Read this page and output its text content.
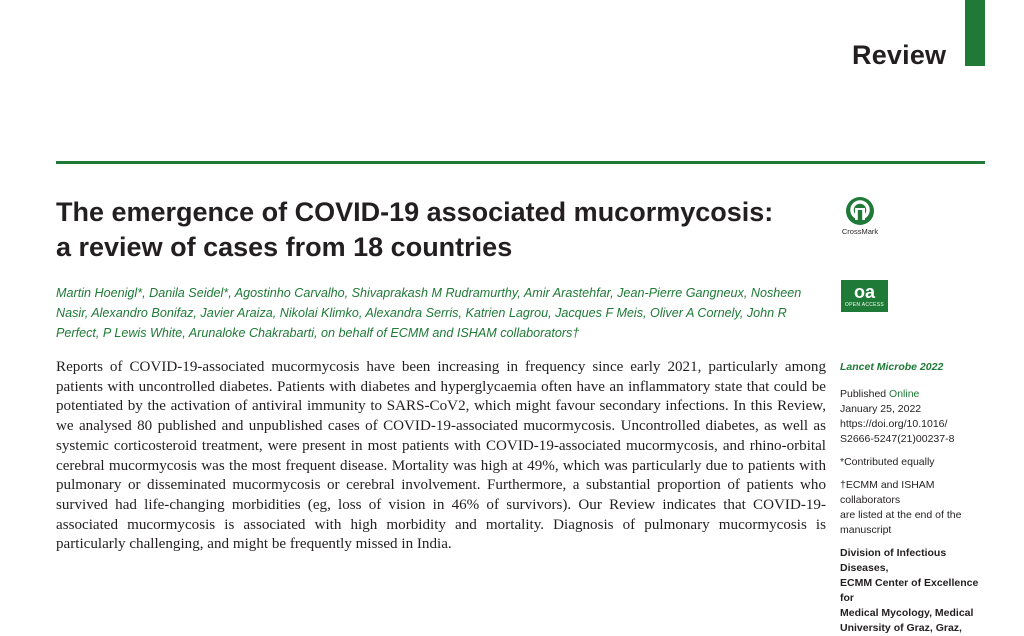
Review
The emergence of COVID-19 associated mucormycosis:
a review of cases from 18 countries

Martin Hoenigl*, Danila Seidel*, Agostinho Carvalho, Shivaprakash M Rudramurthy, Amir Arastehfar, Jean-Pierre Gangneux, Nosheen Nasir, Alexandro Bonifaz, Javier Araiza, Nikolai Klimko, Alexandra Serris, Katrien Lagrou, Jacques F Meis, Oliver A Cornely, John R Perfect, P Lewis White, Arunaloke Chakrabarti, on behalf of ECMM and ISHAM collaborators†

Reports of COVID-19-associated mucormycosis have been increasing in frequency since early 2021, particularly among patients with uncontrolled diabetes. Patients with diabetes and hyperglycaemia often have an inflammatory state that could be potentiated by the activation of antiviral immunity to SARS-CoV2, which might favour secondary infections. In this Review, we analysed 80 published and unpublished cases of COVID-19-associated mucormycosis. Uncontrolled diabetes, as well as systemic corticosteroid treatment, were present in most patients with COVID-19-associated mucormycosis, and rhino-orbital cerebral mucormycosis was the most frequent disease. Mortality was high at 49%, which was particularly due to patients with pulmonary or disseminated mucormycosis or cerebral involvement. Furthermore, a substantial proportion of patients who survived had life-changing morbidities (eg, loss of vision in 46% of survivors). Our Review indicates that COVID-19-associated mucormycosis is associated with high morbidity and mortality. Diagnosis of pulmonary mucormycosis is particularly challenging, and might be frequently missed in India.

CrossMark
oa
OPEN ACCESS

Lancet Microbe 2022

Published Online

January 25, 2022

https://doi.org/10.1016/

S2666-5247(21)00237-8

*Contributed equally

†ECMM and ISHAM collaborators

are listed at the end of the

manuscript

Division of Infectious Diseases,

ECMM Center of Excellence for

Medical Mycology, Medical

University of Graz, Graz,
